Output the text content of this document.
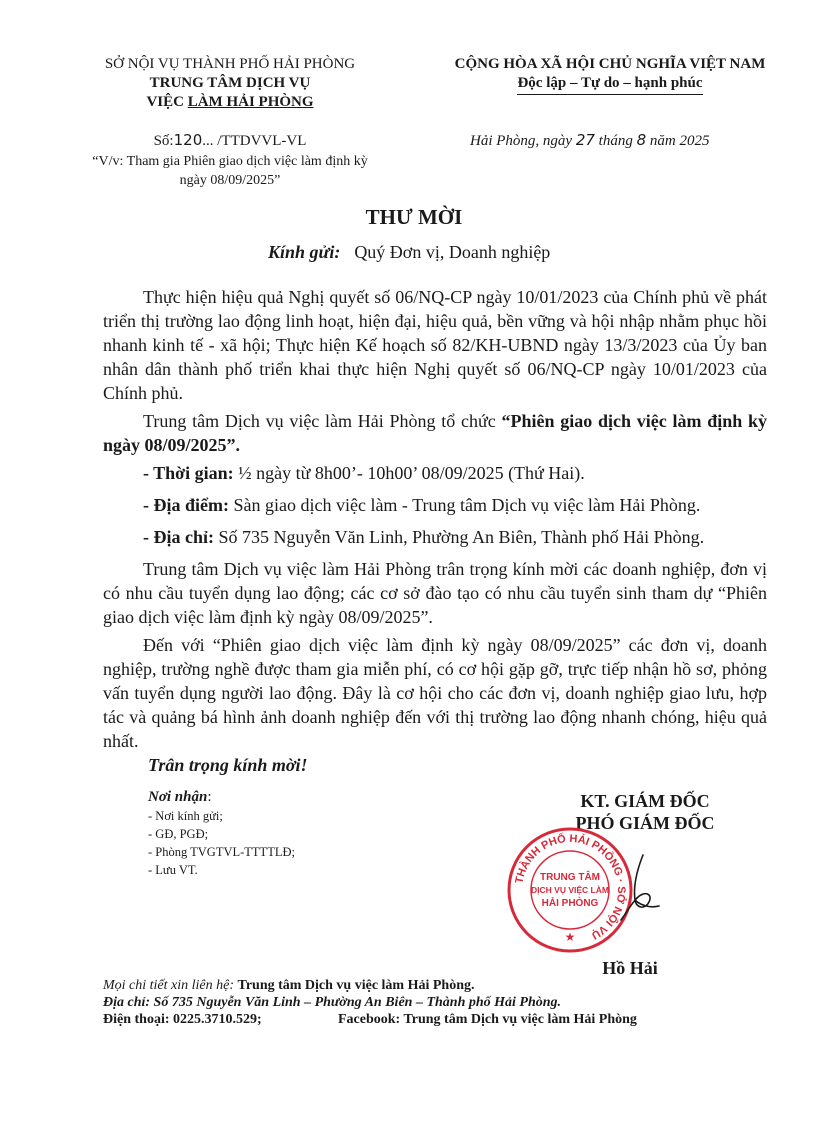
SỞ NỘI VỤ THÀNH PHỐ HẢI PHÒNG
TRUNG TÂM DỊCH VỤ
VIỆC LÀM HẢI PHÒNG
CỘNG HÒA XÃ HỘI CHỦ NGHĨA VIỆT NAM
Độc lập – Tự do – hạnh phúc
Số:120... /TTDVVL-VL
“V/v: Tham gia Phiên giao dịch việc làm định kỳ
ngày 08/09/2025”
Hải Phòng, ngày 27 tháng 8 năm 2025
THƯ MỜI
Kính gửi: Quý Đơn vị, Doanh nghiệp

Thực hiện hiệu quả Nghị quyết số 06/NQ-CP ngày 10/01/2023 của Chính phủ về phát triển thị trường lao động linh hoạt, hiện đại, hiệu quả, bền vững và hội nhập nhằm phục hồi nhanh kinh tế - xã hội; Thực hiện Kế hoạch số 82/KH-UBND ngày 13/3/2023 của Ủy ban nhân dân thành phố triển khai thực hiện Nghị quyết số 06/NQ-CP ngày 10/01/2023 của Chính phủ.

Trung tâm Dịch vụ việc làm Hải Phòng tổ chức “Phiên giao dịch việc làm định kỳ ngày 08/09/2025”.

- Thời gian: ½ ngày từ 8h00’- 10h00’ 08/09/2025 (Thứ Hai).
- Địa điểm: Sàn giao dịch việc làm - Trung tâm Dịch vụ việc làm Hải Phòng.
- Địa chỉ: Số 735 Nguyễn Văn Linh, Phường An Biên, Thành phố Hải Phòng.

Trung tâm Dịch vụ việc làm Hải Phòng trân trọng kính mời các doanh nghiệp, đơn vị có nhu cầu tuyển dụng lao động; các cơ sở đào tạo có nhu cầu tuyển sinh tham dự “Phiên giao dịch việc làm định kỳ ngày 08/09/2025”.

Đến với “Phiên giao dịch việc làm định kỳ ngày 08/09/2025” các đơn vị, doanh nghiệp, trường nghề được tham gia miễn phí, có cơ hội gặp gỡ, trực tiếp nhận hồ sơ, phỏng vấn tuyển dụng người lao động. Đây là cơ hội cho các đơn vị, doanh nghiệp giao lưu, hợp tác và quảng bá hình ảnh doanh nghiệp đến với thị trường lao động nhanh chóng, hiệu quả nhất.

Trân trọng kính mời!
Nơi nhận:
- Nơi kính gửi;
- GĐ, PGĐ;
- Phòng TVGTVL-TTTTLĐ;
- Lưu VT.
KT. GIÁM ĐỐC
PHÓ GIÁM ĐỐC
THÀNH PHỐ HẢI PHÒNG · SỞ NỘI VỤ
TRUNG TÂM
DỊCH VỤ VIỆC LÀM
HẢI PHÒNG
★
Hồ Hải
Mọi chi tiết xin liên hệ: Trung tâm Dịch vụ việc làm Hải Phòng.
Địa chỉ: Số 735 Nguyễn Văn Linh – Phường An Biên – Thành phố Hải Phòng.
Điện thoại: 0225.3710.529;	Facebook: Trung tâm Dịch vụ việc làm Hải Phòng
